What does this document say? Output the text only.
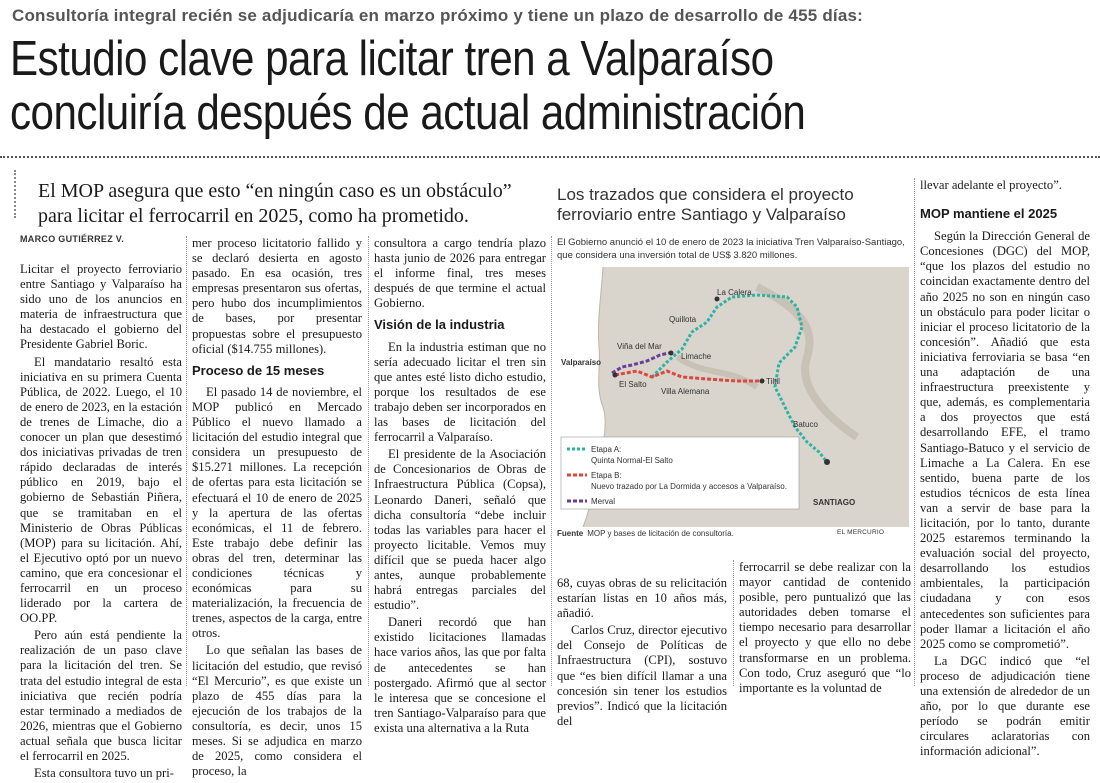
Consultoría integral recién se adjudicaría en marzo próximo y tiene un plazo de desarrollo de 455 días:
Estudio clave para licitar tren a Valparaíso
concluiría después de actual administración
El MOP asegura que esto “en ningún caso es un obstáculo”
para licitar el ferrocarril en 2025, como ha prometido.
MARCO GUTIÉRREZ V.

Licitar el proyecto ferroviario entre Santiago y Valparaíso ha sido uno de los anuncios en materia de infraestructura que ha destacado el gobierno del Presidente Gabriel Boric.

El mandatario resaltó esta iniciativa en su primera Cuenta Pública, de 2022. Luego, el 10 de enero de 2023, en la estación de trenes de Limache, dio a conocer un plan que desestimó dos iniciativas privadas de tren rápido declaradas de interés público en 2019, bajo el gobierno de Sebastián Piñera, que se tramitaban en el Ministerio de Obras Públicas (MOP) para su licitación. Ahí, el Ejecutivo optó por un nuevo camino, que era concesionar el ferrocarril en un proceso liderado por la cartera de OO.PP.

Pero aún está pendiente la realización de un paso clave para la licitación del tren. Se trata del estudio integral de esta iniciativa que recién podría estar terminado a mediados de 2026, mientras que el Gobierno actual señala que busca licitar el ferrocarril en 2025.

Esta consultora tuvo un pri-

mer proceso licitatorio fallido y se declaró desierta en agosto pasado. En esa ocasión, tres empresas presentaron sus ofertas, pero hubo dos incumplimientos de bases, por presentar propuestas sobre el presupuesto oficial ($14.755 millones).

Proceso de 15 meses

El pasado 14 de noviembre, el MOP publicó en Mercado Público el nuevo llamado a licitación del estudio integral que considera un presupuesto de $15.271 millones. La recepción de ofertas para esta licitación se efectuará el 10 de enero de 2025 y la apertura de las ofertas económicas, el 11 de febrero. Este trabajo debe definir las obras del tren, determinar las condiciones técnicas y económicas para su materialización, la frecuencia de trenes, aspectos de la carga, entre otros.

Lo que señalan las bases de licitación del estudio, que revisó “El Mercurio”, es que existe un plazo de 455 días para la ejecución de los trabajos de la consultoría, es decir, unos 15 meses. Si se adjudica en marzo de 2025, como considera el proceso, la

consultora a cargo tendría plazo hasta junio de 2026 para entregar el informe final, tres meses después de que termine el actual Gobierno.

Visión de la industria

En la industria estiman que no sería adecuado licitar el tren sin que antes esté listo dicho estudio, porque los resultados de ese trabajo deben ser incorporados en las bases de licitación del ferrocarril a Valparaíso.

El presidente de la Asociación de Concesionarios de Obras de Infraestructura Pública (Copsa), Leonardo Daneri, señaló que dicha consultoría “debe incluir todas las variables para hacer el proyecto licitable. Vemos muy difícil que se pueda hacer algo antes, aunque probablemente habrá entregas parciales del estudio”.

Daneri recordó que han existido licitaciones llamadas hace varios años, las que por falta de antecedentes se han postergado. Afirmó que al sector le interesa que se concesione el tren Santiago-Valparaíso para que exista una alternativa a la Ruta

Los trazados que considera el proyecto ferroviario entre Santiago y Valparaíso
El Gobierno anunció el 10 de enero de 2023 la iniciativa Tren Valparaíso-Santiago, que considera una inversión total de US$ 3.820 millones.
La Calera
Quillota
Viña del Mar
Valparaíso
Limache
El Salto
Villa Alemana
Tiltil
Batuco
SANTIAGO
Etapa A:
Quinta Normal-El Salto
Etapa B:
Nuevo trazado por La Dormida y accesos a Valparaíso.
Merval
Fuente MOP y bases de licitación de consultoría.	EL MERCURIO

68, cuyas obras de su relicitación estarían listas en 10 años más, añadió.

Carlos Cruz, director ejecutivo del Consejo de Políticas de Infraestructura (CPI), sostuvo que “es bien difícil llamar a una concesión sin tener los estudios previos”. Indicó que la licitación del

ferrocarril se debe realizar con la mayor cantidad de contenido posible, pero puntualizó que las autoridades deben tomarse el tiempo necesario para desarrollar el proyecto y que ello no debe transformarse en un problema. Con todo, Cruz aseguró que “lo importante es la voluntad de

llevar adelante el proyecto”.

MOP mantiene el 2025

Según la Dirección General de Concesiones (DGC) del MOP, “que los plazos del estudio no coincidan exactamente dentro del año 2025 no son en ningún caso un obstáculo para poder licitar o iniciar el proceso licitatorio de la concesión”. Añadió que esta iniciativa ferroviaria se basa “en una adaptación de una infraestructura preexistente y que, además, es complementaria a dos proyectos que está desarrollando EFE, el tramo Santiago-Batuco y el servicio de Limache a La Calera. En ese sentido, buena parte de los estudios técnicos de esta línea van a servir de base para la licitación, por lo tanto, durante 2025 estaremos terminando la evaluación social del proyecto, desarrollando los estudios ambientales, la participación ciudadana y con esos antecedentes son suficientes para poder llamar a licitación el año 2025 como se comprometió”.

La DGC indicó que “el proceso de adjudicación tiene una extensión de alrededor de un año, por lo que durante ese período se podrán emitir circulares aclaratorias con información adicional”.
